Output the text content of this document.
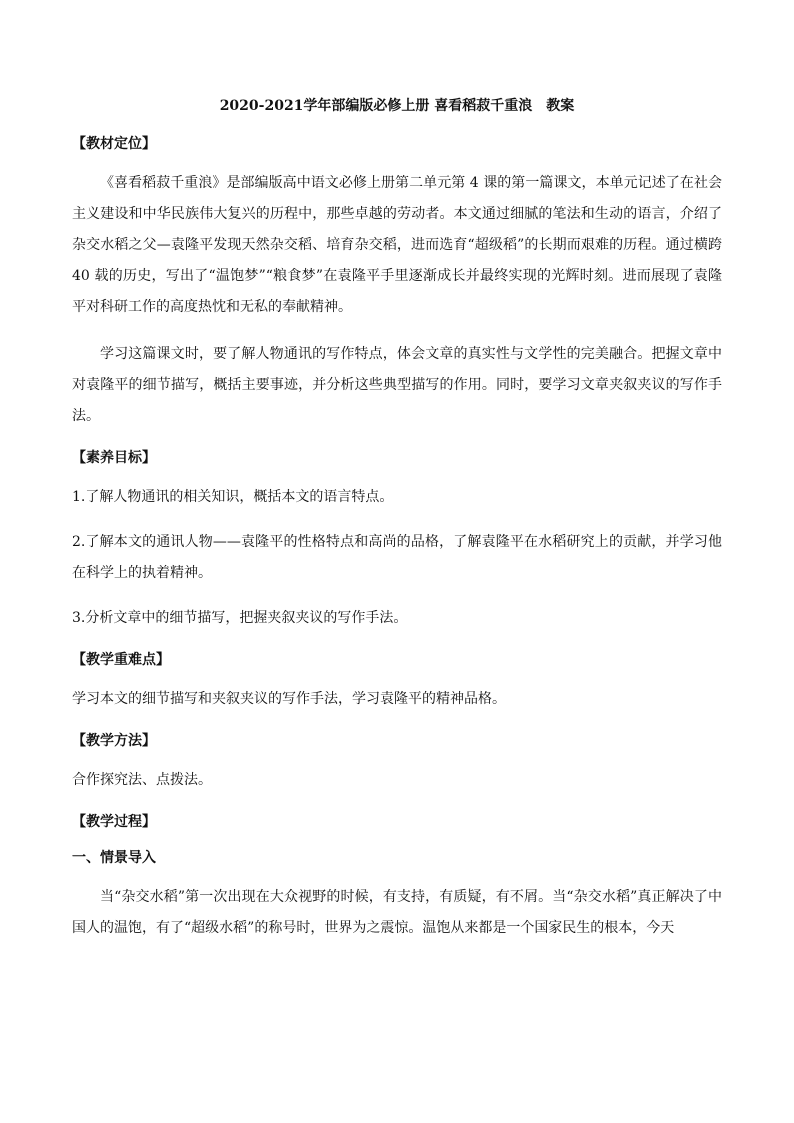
2020-2021学年部编版必修上册 喜看稻菽千重浪　教案
【教材定位】

《喜看稻菽千重浪》是部编版高中语文必修上册第二单元第 4 课的第一篇课文，本单元记述了在社会主义建设和中华民族伟大复兴的历程中，那些卓越的劳动者。本文通过细腻的笔法和生动的语言，介绍了杂交水稻之父—袁隆平发现天然杂交稻、培育杂交稻，进而选育“超级稻”的长期而艰难的历程。通过横跨 40 载的历史，写出了“温饱梦”“粮食梦”在袁隆平手里逐渐成长并最终实现的光辉时刻。进而展现了袁隆平对科研工作的高度热忱和无私的奉献精神。

学习这篇课文时，要了解人物通讯的写作特点，体会文章的真实性与文学性的完美融合。把握文章中对袁隆平的细节描写，概括主要事迹，并分析这些典型描写的作用。同时，要学习文章夹叙夹议的写作手法。

【素养目标】

1.了解人物通讯的相关知识，概括本文的语言特点。

2.了解本文的通讯人物——袁隆平的性格特点和高尚的品格，了解袁隆平在水稻研究上的贡献，并学习他在科学上的执着精神。

3.分析文章中的细节描写，把握夹叙夹议的写作手法。

【教学重难点】

学习本文的细节描写和夹叙夹议的写作手法，学习袁隆平的精神品格。

【教学方法】

合作探究法、点拨法。

【教学过程】
一、情景导入

当“杂交水稻”第一次出现在大众视野的时候，有支持，有质疑，有不屑。当“杂交水稻”真正解决了中国人的温饱，有了“超级水稻”的称号时，世界为之震惊。温饱从来都是一个国家民生的根本，今天
